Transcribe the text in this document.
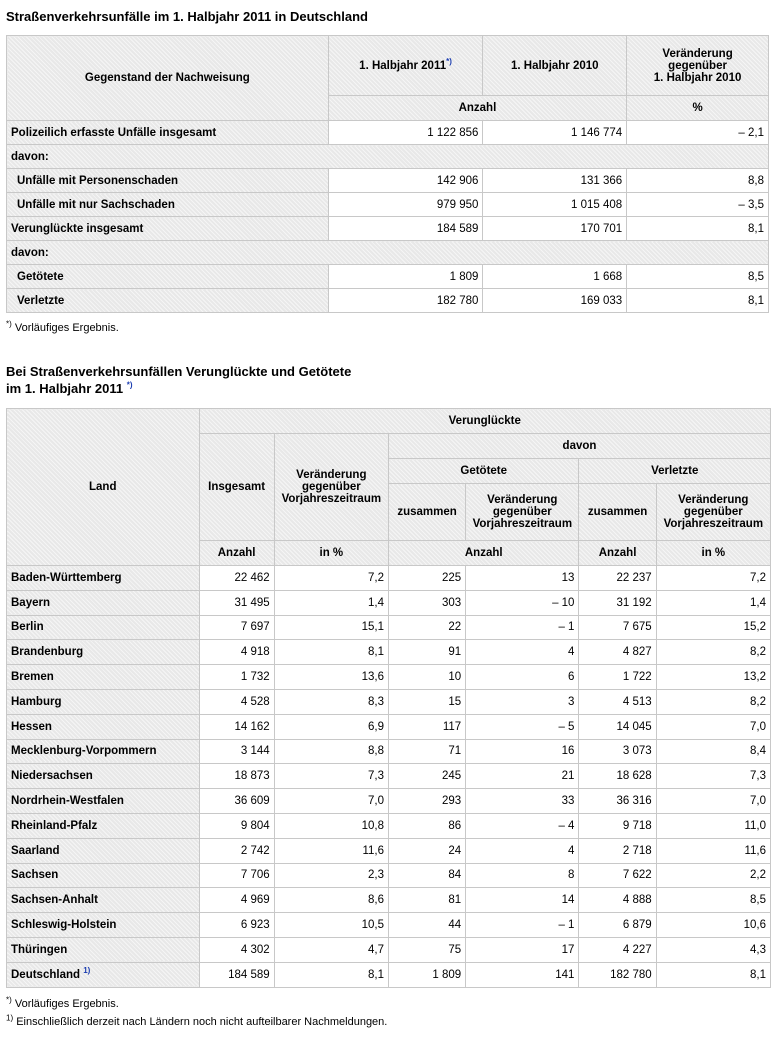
Straßenverkehrsunfälle im 1. Halbjahr 2011 in Deutschland
Gegenstand der Nachweisung	1. Halbjahr 2011*)	1. Halbjahr 2010	Veränderung
gegenüber
1. Halbjahr 2010
	Anzahl		%
Polizeilich erfasste Unfälle insgesamt	1 122 856	1 146 774	– 2,1
davon:			
Unfälle mit Personenschaden	142 906	131 366	8,8
Unfälle mit nur Sachschaden	979 950	1 015 408	– 3,5
Verunglückte insgesamt	184 589	170 701	8,1
davon:			
Getötete	1 809	1 668	8,5
Verletzte	182 780	169 033	8,1
*) Vorläufiges Ergebnis.
Bei Straßenverkehrsunfällen Verunglückte und Getötete
im 1. Halbjahr 2011 *)
Land	Verunglückte					
	Insgesamt	Veränderung
gegenüber
Vorjahreszeitraum	davon			
			Getötete		Verletzte	
			zusammen	Veränderung
gegenüber
Vorjahreszeitraum	zusammen	Veränderung
gegenüber
Vorjahreszeitraum
	Anzahl	in %	Anzahl		Anzahl	in %
Baden-Württemberg	22 462	7,2	225	13	22 237	7,2
Bayern	31 495	1,4	303	– 10	31 192	1,4
Berlin	7 697	15,1	22	– 1	7 675	15,2
Brandenburg	4 918	8,1	91	4	4 827	8,2
Bremen	1 732	13,6	10	6	1 722	13,2
Hamburg	4 528	8,3	15	3	4 513	8,2
Hessen	14 162	6,9	117	– 5	14 045	7,0
Mecklenburg-Vorpommern	3 144	8,8	71	16	3 073	8,4
Niedersachsen	18 873	7,3	245	21	18 628	7,3
Nordrhein-Westfalen	36 609	7,0	293	33	36 316	7,0
Rheinland-Pfalz	9 804	10,8	86	– 4	9 718	11,0
Saarland	2 742	11,6	24	4	2 718	11,6
Sachsen	7 706	2,3	84	8	7 622	2,2
Sachsen-Anhalt	4 969	8,6	81	14	4 888	8,5
Schleswig-Holstein	6 923	10,5	44	– 1	6 879	10,6
Thüringen	4 302	4,7	75	17	4 227	4,3
Deutschland $^{1)}$	184 589	8,1	1 809	141	182 780	8,1
*) Vorläufiges Ergebnis.
$^{1)}$ Einschließlich derzeit nach Ländern noch nicht aufteilbarer Nachmeldungen.
